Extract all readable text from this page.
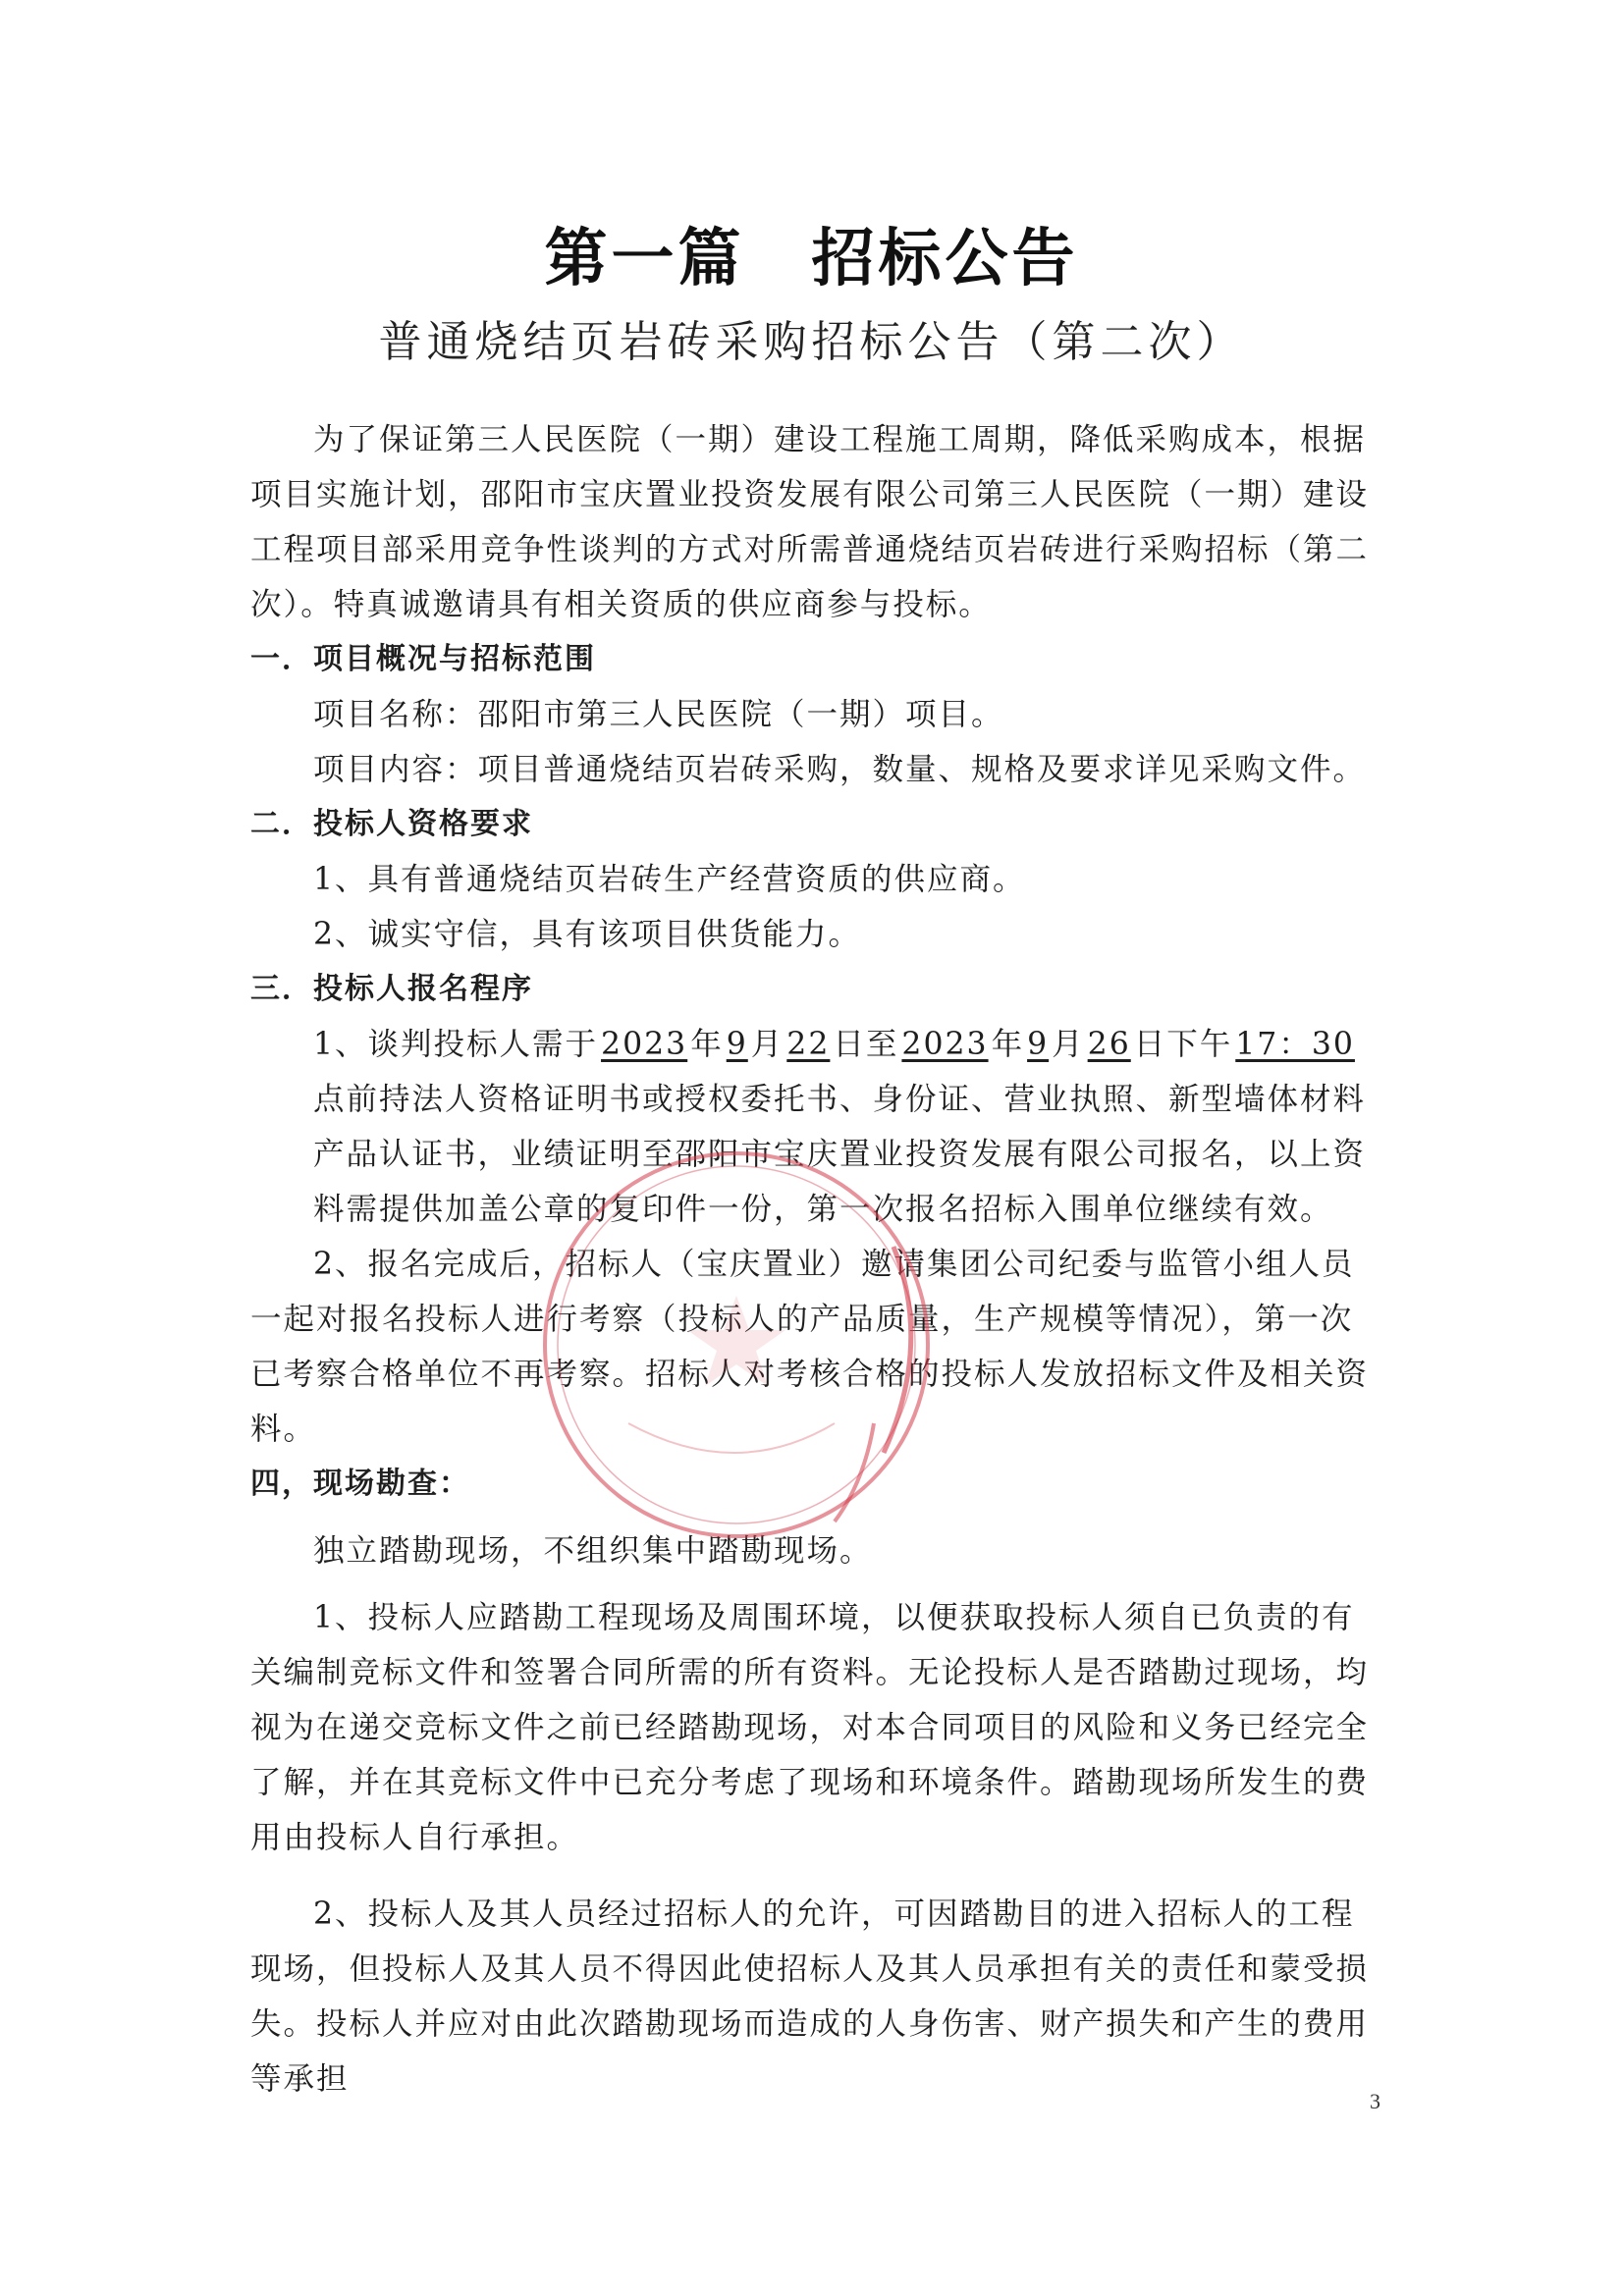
第一篇　招标公告
普通烧结页岩砖采购招标公告（第二次）

为了保证第三人民医院（一期）建设工程施工周期，降低采购成本，根据项目实施计划，邵阳市宝庆置业投资发展有限公司第三人民医院（一期）建设工程项目部采用竞争性谈判的方式对所需普通烧结页岩砖进行采购招标（第二次）。特真诚邀请具有相关资质的供应商参与投标。

一．项目概况与招标范围

项目名称：邵阳市第三人民医院（一期）项目。

项目内容：项目普通烧结页岩砖采购，数量、规格及要求详见采购文件。

二．投标人资格要求

1、具有普通烧结页岩砖生产经营资质的供应商。

2、诚实守信，具有该项目供货能力。

三．投标人报名程序

1、谈判投标人需于2023年9月22日至2023年9月26日下午17：30点前持法人资格证明书或授权委托书、身份证、营业执照、新型墙体材料产品认证书，业绩证明至邵阳市宝庆置业投资发展有限公司报名，以上资料需提供加盖公章的复印件一份，第一次报名招标入围单位继续有效。

2、报名完成后，招标人（宝庆置业）邀请集团公司纪委与监管小组人员一起对报名投标人进行考察（投标人的产品质量，生产规模等情况），第一次已考察合格单位不再考察。招标人对考核合格的投标人发放招标文件及相关资料。

四，现场勘查：

独立踏勘现场，不组织集中踏勘现场。

1、投标人应踏勘工程现场及周围环境，以便获取投标人须自已负责的有关编制竞标文件和签署合同所需的所有资料。无论投标人是否踏勘过现场，均视为在递交竞标文件之前已经踏勘现场，对本合同项目的风险和义务已经完全了解，并在其竞标文件中已充分考虑了现场和环境条件。踏勘现场所发生的费用由投标人自行承担。

2、投标人及其人员经过招标人的允许，可因踏勘目的进入招标人的工程现场，但投标人及其人员不得因此使招标人及其人员承担有关的责任和蒙受损失。投标人并应对由此次踏勘现场而造成的人身伤害、财产损失和产生的费用等承担

3
